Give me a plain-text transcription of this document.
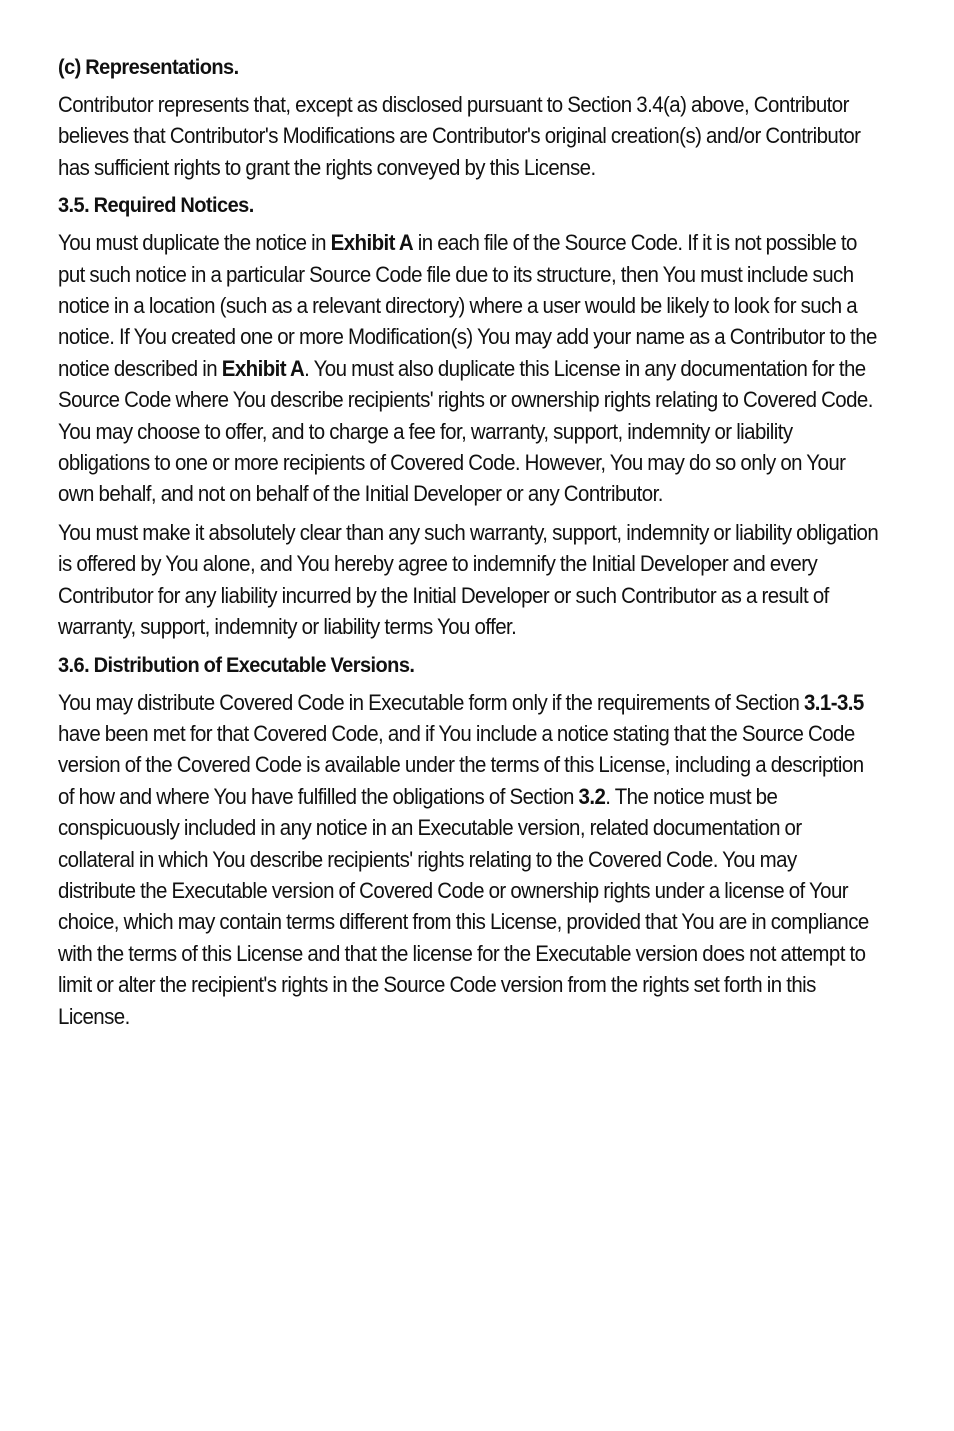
(c) Representations.
Contributor represents that, except as disclosed pursuant to Section 3.4(a) above, Contributor believes that Contributor's Modifications are Contributor's original creation(s) and/or Contributor has sufficient rights to grant the rights conveyed by this License.
3.5. Required Notices.
You must duplicate the notice in Exhibit A in each file of the Source Code. If it is not possible to put such notice in a particular Source Code file due to its structure, then You must include such notice in a location (such as a relevant directory) where a user would be likely to look for such a notice. If You created one or more Modification(s) You may add your name as a Contributor to the notice described in Exhibit A. You must also duplicate this License in any documentation for the Source Code where You describe recipients' rights or ownership rights relating to Covered Code. You may choose to offer, and to charge a fee for, warranty, support, indemnity or liability obligations to one or more recipients of Covered Code. However, You may do so only on Your own behalf, and not on behalf of the Initial Developer or any Contributor.
You must make it absolutely clear than any such warranty, support, indemnity or liability obligation is offered by You alone, and You hereby agree to indemnify the Initial Developer and every Contributor for any liability incurred by the Initial Developer or such Contributor as a result of warranty, support, indemnity or liability terms You offer.
3.6. Distribution of Executable Versions.
You may distribute Covered Code in Executable form only if the requirements of Section 3.1-3.5 have been met for that Covered Code, and if You include a notice stating that the Source Code version of the Covered Code is available under the terms of this License, including a description of how and where You have fulfilled the obligations of Section 3.2. The notice must be conspicuously included in any notice in an Executable version, related documentation or collateral in which You describe recipients' rights relating to the Covered Code. You may distribute the Executable version of Covered Code or ownership rights under a license of Your choice, which may contain terms different from this License, provided that You are in compliance with the terms of this License and that the license for the Executable version does not attempt to limit or alter the recipient's rights in the Source Code version from the rights set forth in this License.
